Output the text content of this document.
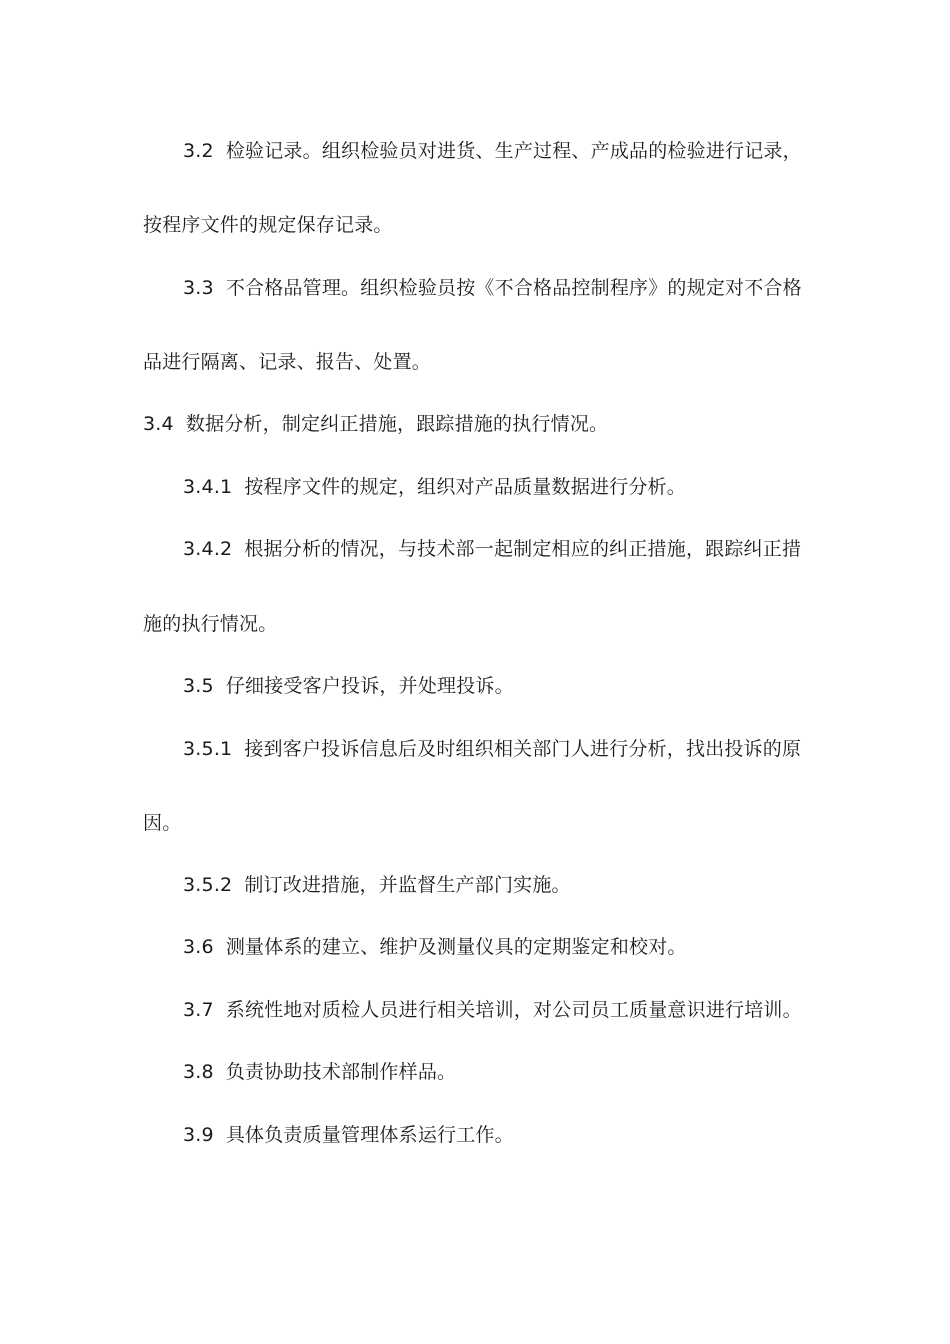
3.2 检验记录。组织检验员对进货、生产过程、产成品的检验进行记录，
按程序文件的规定保存记录。
3.3 不合格品管理。组织检验员按《不合格品控制程序》的规定对不合格
品进行隔离、记录、报告、处置。
3.4 数据分析，制定纠正措施，跟踪措施的执行情况。
3.4.1 按程序文件的规定，组织对产品质量数据进行分析。
3.4.2 根据分析的情况，与技术部一起制定相应的纠正措施，跟踪纠正措
施的执行情况。
3.5 仔细接受客户投诉，并处理投诉。
3.5.1 接到客户投诉信息后及时组织相关部门人进行分析，找出投诉的原
因。
3.5.2 制订改进措施，并监督生产部门实施。
3.6 测量体系的建立、维护及测量仪具的定期鉴定和校对。
3.7 系统性地对质检人员进行相关培训，对公司员工质量意识进行培训。
3.8 负责协助技术部制作样品。
3.9 具体负责质量管理体系运行工作。
